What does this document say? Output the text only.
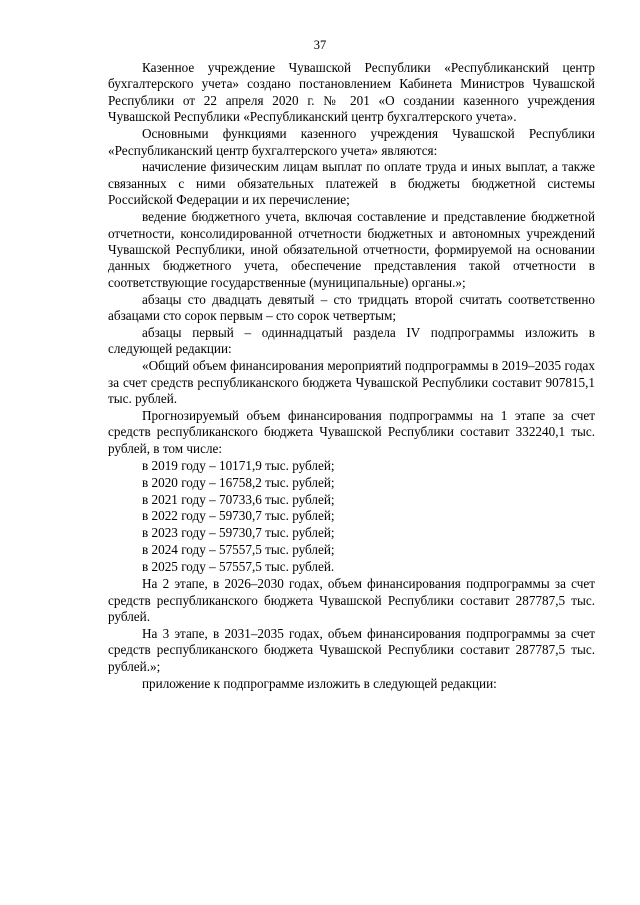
37

Казенное учреждение Чувашской Республики «Республиканский центр бухгалтерского учета» создано постановлением Кабинета Министров Чувашской Республики от 22 апреля 2020 г. № 201 «О создании казенного учреждения Чувашской Республики «Республиканский центр бухгалтерского учета».

Основными функциями казенного учреждения Чувашской Республики «Республиканский центр бухгалтерского учета» являются:

начисление физическим лицам выплат по оплате труда и иных выплат, а также связанных с ними обязательных платежей в бюджеты бюджетной системы Российской Федерации и их перечисление;

ведение бюджетного учета, включая составление и представление бюджетной отчетности, консолидированной отчетности бюджетных и автономных учреждений Чувашской Республики, иной обязательной отчетности, формируемой на основании данных бюджетного учета, обеспечение представления такой отчетности в соответствующие государственные (муниципальные) органы.»;

абзацы сто двадцать девятый – сто тридцать второй считать соответственно абзацами сто сорок первым – сто сорок четвертым;

абзацы первый – одиннадцатый раздела IV подпрограммы изложить в следующей редакции:

«Общий объем финансирования мероприятий подпрограммы в 2019–2035 годах за счет средств республиканского бюджета Чувашской Республики составит 907815,1 тыс. рублей.

Прогнозируемый объем финансирования подпрограммы на 1 этапе за счет средств республиканского бюджета Чувашской Республики составит 332240,1 тыс. рублей, в том числе:

в 2019 году – 10171,9 тыс. рублей;

в 2020 году – 16758,2 тыс. рублей;

в 2021 году – 70733,6 тыс. рублей;

в 2022 году – 59730,7 тыс. рублей;

в 2023 году – 59730,7 тыс. рублей;

в 2024 году – 57557,5 тыс. рублей;

в 2025 году – 57557,5 тыс. рублей.

На 2 этапе, в 2026–2030 годах, объем финансирования подпрограммы за счет средств республиканского бюджета Чувашской Республики составит 287787,5 тыс. рублей.

На 3 этапе, в 2031–2035 годах, объем финансирования подпрограммы за счет средств республиканского бюджета Чувашской Республики составит 287787,5 тыс. рублей.»;

приложение к подпрограмме изложить в следующей редакции:
